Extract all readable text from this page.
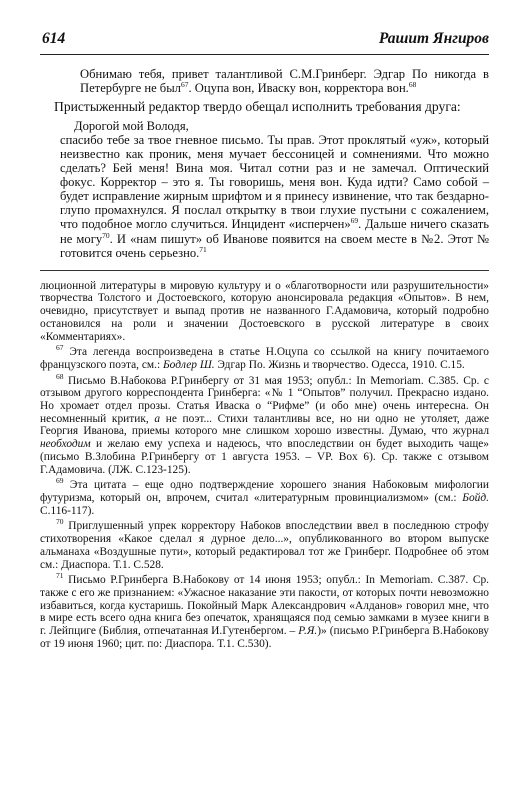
614	Рашит Янгиров

Обнимаю тебя, привет талантливой С.М.Гринберг. Эдгар По никогда в Петербурге не был$^{67}$. Оцупа вон, Иваску вон, корректора вон.$^{68}$

Пристыженный редактор твердо обещал исполнить требования друга:

Дорогой мой Володя,

спасибо тебе за твое гневное письмо. Ты прав. Этот проклятый «уж», который неизвестно как проник, меня мучает бессоницей и сомнениями. Что можно сделать? Бей меня! Вина моя. Читал сотни раз и не замечал. Оптический фокус. Корректор – это я. Ты говоришь, меня вон. Куда идти? Само собой – будет исправление жирным шрифтом и я принесу извинение, что так бездарно-глупо промахнулся. Я послал открытку в твои глухие пустыни с сожалением, что подобное могло случиться. Инцидент «исперчен»$^{69}$. Дальше ничего сказать не могу$^{70}$. И «нам пишут» об Иванове появится на своем месте в №2. Этот № готовится очень серьезно.$^{71}$

люционной литературы в мировую культуру и о «благотворности или разрушительности» творчества Толстого и Достоевского, которую анонсировала редакция «Опытов». В нем, очевидно, присутствует и выпад против не названного Г.Адамовича, который подробно остановился на роли и значении Достоевского в русской литературе в своих «Комментариях».

$^{67}$ Эта легенда воспроизведена в статье Н.Оцупа со ссылкой на книгу почитаемого французского поэта, см.: Бодлер Ш. Эдгар По. Жизнь и творчество. Одесса, 1910. С.15.

$^{68}$ Письмо В.Набокова Р.Гринбергу от 31 мая 1953; опубл.: In Memoriam. С.385. Ср. с отзывом другого корреспондента Гринберга: «№ 1 “Опытов” получил. Прекрасно издано. Но хромает отдел прозы. Статья Иваска о “Рифме” (и обо мне) очень интересна. Он несомненный критик, а не поэт... Стихи талантливы все, но ни одно не утоляет, даже Георгия Иванова, приемы которого мне слишком хорошо известны. Думаю, что журнал необходим и желаю ему успеха и надеюсь, что впоследствии он будет выходить чаще» (письмо В.Злобина Р.Гринбергу от 1 августа 1953. – VP. Box 6). Ср. также с отзывом Г.Адамовича. (ЛЖ. С.123-125).

$^{69}$ Эта цитата – еще одно подтверждение хорошего знания Набоковым мифологии футуризма, который он, впрочем, считал «литературным провинциализмом» (см.: Бойд. С.116-117).

$^{70}$ Приглушенный упрек корректору Набоков впоследствии ввел в последнюю строфу стихотворения «Какое сделал я дурное дело...», опубликованного во втором выпуске альманаха «Воздушные пути», который редактировал тот же Гринберг. Подробнее об этом см.: Диаспора. Т.1. С.528.

$^{71}$ Письмо Р.Гринберга В.Набокову от 14 июня 1953; опубл.: In Memoriam. С.387. Ср. также с его же признанием: «Ужасное наказание эти пакости, от которых почти невозможно избавиться, когда кустаришь. Покойный Марк Александрович «Алданов» говорил мне, что в мире есть всего одна книга без опечаток, хранящаяся под семью замками в музее книги в г. Лейпциге (Библия, отпечатанная И.Гутенбергом. – Р.Я.)» (письмо Р.Гринберга В.Набокову от 19 июня 1960; цит. по: Диаспора. Т.1. С.530).
